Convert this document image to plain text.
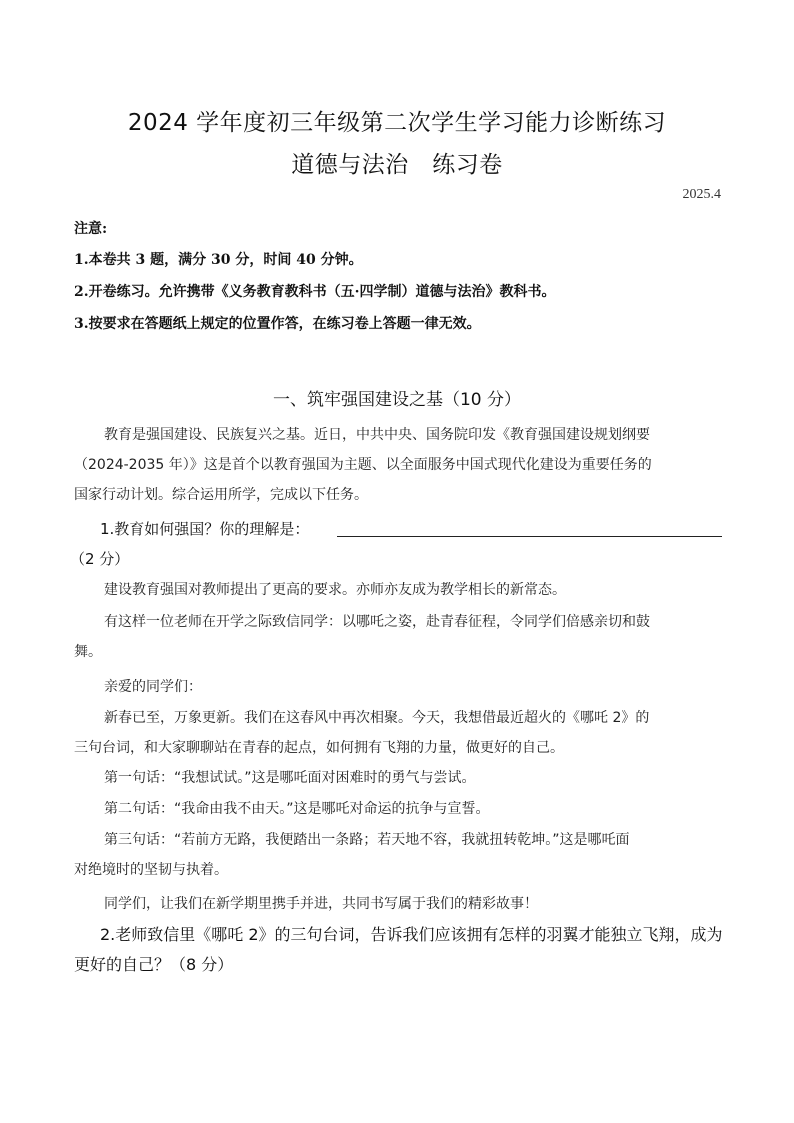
2024 学年度初三年级第二次学生学习能力诊断练习
道德与法治　练习卷
2025.4
注意:
1.本卷共 3 题，满分 30 分，时间 40 分钟。
2.开卷练习。允许携带《义务教育教科书（五·四学制）道德与法治》教科书。
3.按要求在答题纸上规定的位置作答，在练习卷上答题一律无效。
一、筑牢强国建设之基（10 分）
教育是强国建设、民族复兴之基。近日，中共中央、国务院印发《教育强国建设规划纲要
（2024-2035 年）》这是首个以教育强国为主题、以全面服务中国式现代化建设为重要任务的
国家行动计划。综合运用所学，完成以下任务。
1.教育如何强国？你的理解是：
（2 分）
建设教育强国对教师提出了更高的要求。亦师亦友成为教学相长的新常态。
有这样一位老师在开学之际致信同学：以哪吒之姿，赴青春征程，令同学们倍感亲切和鼓
舞。
亲爱的同学们：
新春已至，万象更新。我们在这春风中再次相聚。今天，我想借最近超火的《哪吒 2》的
三句台词，和大家聊聊站在青春的起点，如何拥有飞翔的力量，做更好的自己。
第一句话：“我想试试。”这是哪吒面对困难时的勇气与尝试。
第二句话：“我命由我不由天。”这是哪吒对命运的抗争与宣誓。
第三句话：“若前方无路，我便踏出一条路；若天地不容，我就扭转乾坤。”这是哪吒面
对绝境时的坚韧与执着。
同学们，让我们在新学期里携手并进，共同书写属于我们的精彩故事！
2.老师致信里《哪吒 2》的三句台词，告诉我们应该拥有怎样的羽翼才能独立飞翔，成为
更好的自己？（8 分）
